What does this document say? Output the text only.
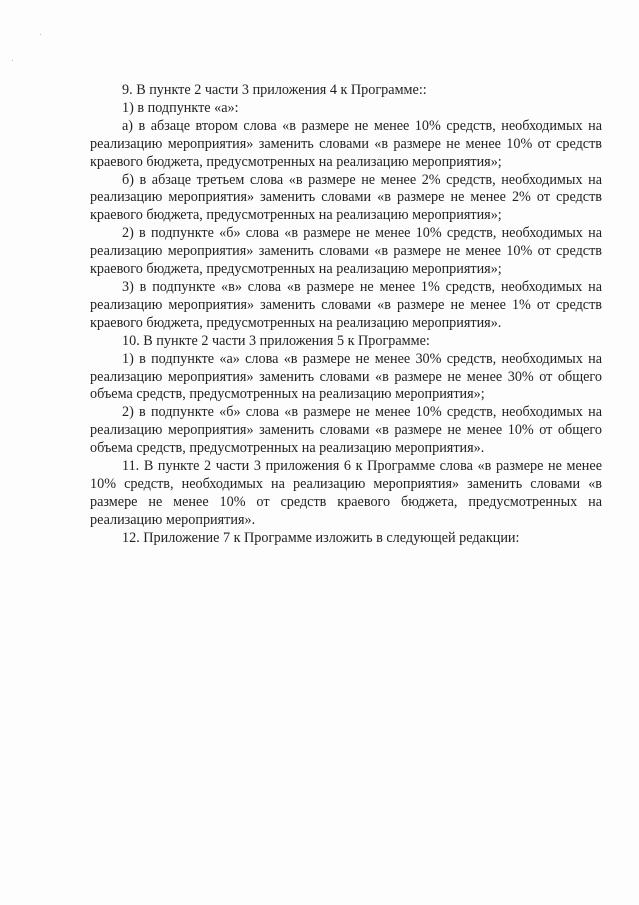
9. В пункте 2 части 3 приложения 4 к Программе::

1) в подпункте «а»:

а) в абзаце втором слова «в размере не менее 10% средств, необходимых на реализацию мероприятия» заменить словами «в размере не менее 10% от средств краевого бюджета, предусмотренных на реализацию мероприятия»;

б) в абзаце третьем слова «в размере не менее 2% средств, необходимых на реализацию мероприятия» заменить словами «в размере не менее 2% от средств краевого бюджета, предусмотренных на реализацию мероприятия»;

2) в подпункте «б» слова «в размере не менее 10% средств, необходимых на реализацию мероприятия» заменить словами «в размере не менее 10% от средств краевого бюджета, предусмотренных на реализацию мероприятия»;

3) в подпункте «в» слова «в размере не менее 1% средств, необходимых на реализацию мероприятия» заменить словами «в размере не менее 1% от средств краевого бюджета, предусмотренных на реализацию мероприятия».

10. В пункте 2 части 3 приложения 5 к Программе:

1) в подпункте «а» слова «в размере не менее 30% средств, необходимых на реализацию мероприятия» заменить словами «в размере не менее 30% от общего объема средств, предусмотренных на реализацию мероприятия»;

2) в подпункте «б» слова «в размере не менее 10% средств, необходимых на реализацию мероприятия» заменить словами «в размере не менее 10% от общего объема средств, предусмотренных на реализацию мероприятия».

11. В пункте 2 части 3 приложения 6 к Программе слова «в размере не менее 10% средств, необходимых на реализацию мероприятия» заменить словами «в размере не менее 10% от средств краевого бюджета, предусмотренных на реализацию мероприятия».

12. Приложение 7 к Программе изложить в следующей редакции:
